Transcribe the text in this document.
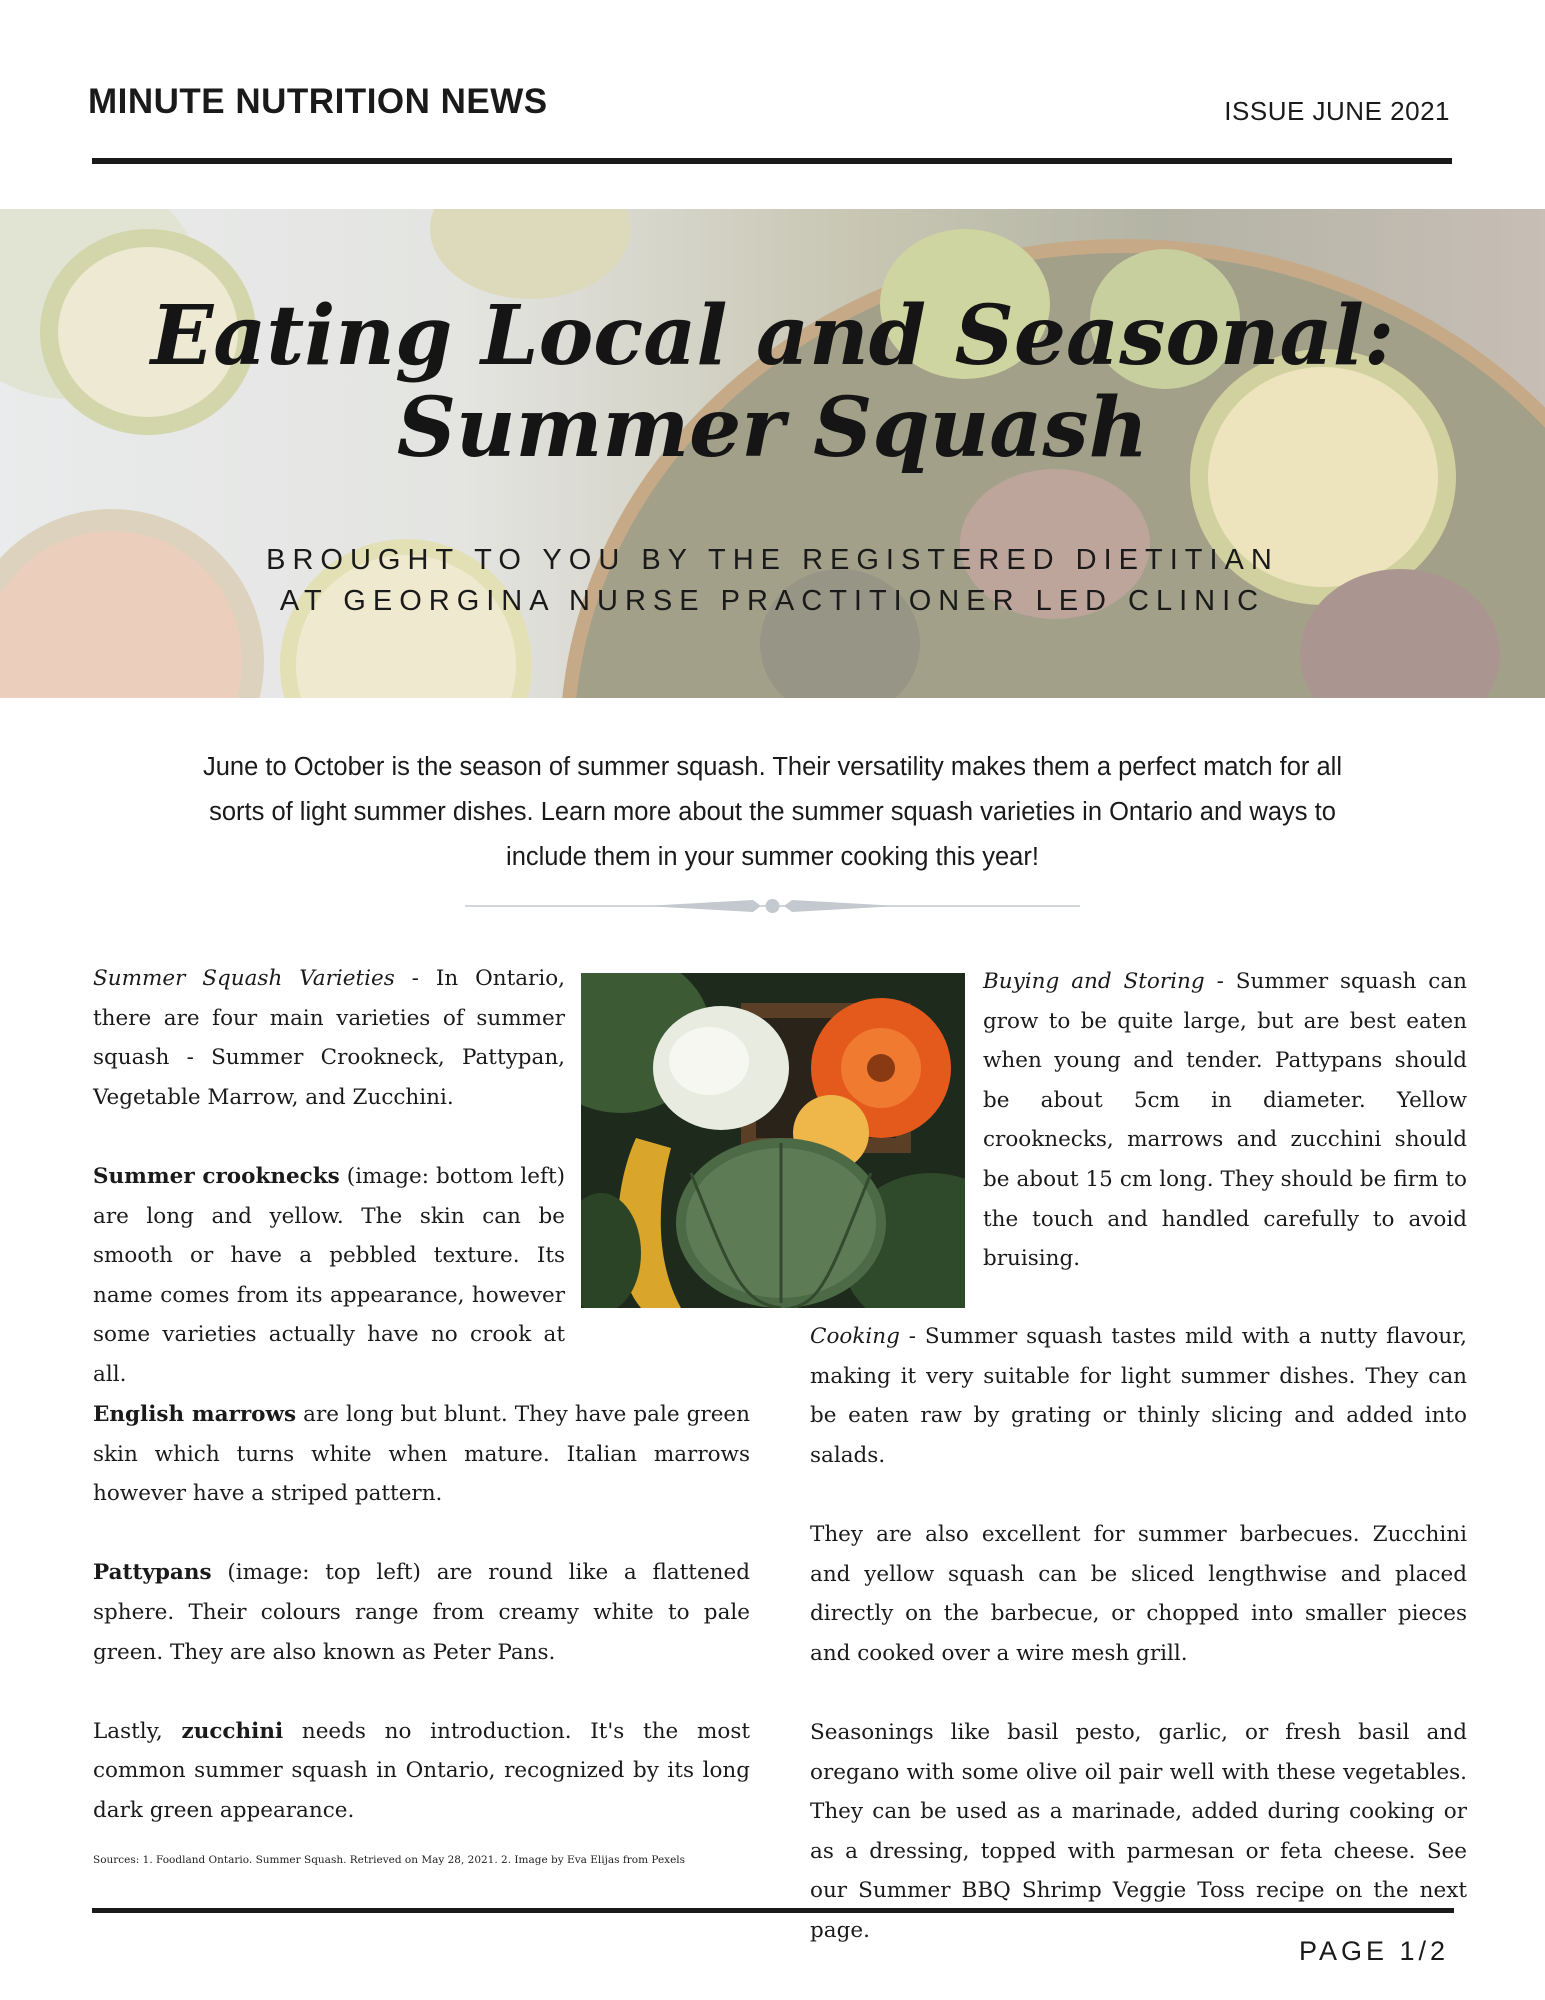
MINUTE NUTRITION NEWS	ISSUE JUNE 2021
Eating Local and Seasonal:
Summer Squash
BROUGHT TO YOU BY THE REGISTERED DIETITIAN
AT GEORGINA NURSE PRACTITIONER LED CLINIC
June to October is the season of summer squash. Their versatility makes them a perfect match for all
sorts of light summer dishes. Learn more about the summer squash varieties in Ontario and ways to
include them in your summer cooking this year!

Summer Squash Varieties - In Ontario, there are four main varieties of summer squash - Summer Crookneck, Pattypan, Vegetable Marrow, and Zucchini.

Summer crooknecks (image: bottom left) are long and yellow. The skin can be smooth or have a pebbled texture. Its name comes from its appearance, however some varieties actually have no crook at all.

English marrows are long but blunt. They have pale green skin which turns white when mature. Italian marrows however have a striped pattern.

Pattypans (image: top left) are round like a flattened sphere. Their colours range from creamy white to pale green. They are also known as Peter Pans.

Lastly, zucchini needs no introduction. It's the most common summer squash in Ontario, recognized by its long dark green appearance.

Buying and Storing - Summer squash can grow to be quite large, but are best eaten when young and tender. Pattypans should be about 5cm in diameter. Yellow crooknecks, marrows and zucchini should be about 15 cm long. They should be firm to the touch and handled carefully to avoid bruising.

Cooking - Summer squash tastes mild with a nutty flavour, making it very suitable for light summer dishes. They can be eaten raw by grating or thinly slicing and added into salads.

They are also excellent for summer barbecues. Zucchini and yellow squash can be sliced lengthwise and placed directly on the barbecue, or chopped into smaller pieces and cooked over a wire mesh grill.

Seasonings like basil pesto, garlic, or fresh basil and oregano with some olive oil pair well with these vegetables. They can be used as a marinade, added during cooking or as a dressing, topped with parmesan or feta cheese. See our Summer BBQ Shrimp Veggie Toss recipe on the next page.

Sources: 1. Foodland Ontario. Summer Squash. Retrieved on May 28, 2021. 2. Image by Eva Elijas from Pexels
PAGE 1/2
